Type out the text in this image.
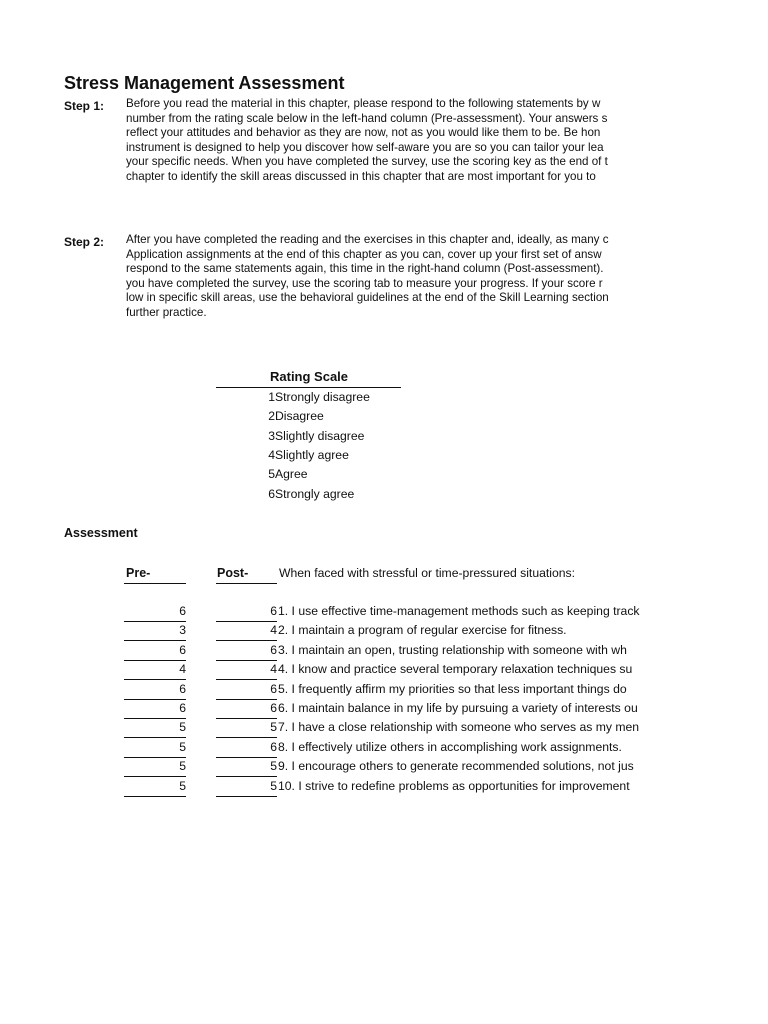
Stress Management Assessment
Step 1: Before you read the material in this chapter, please respond to the following statements by w
number from the rating scale below in the left-hand column (Pre-assessment). Your answers s
reflect your attitudes and behavior as they are now, not as you would like them to be. Be hon
instrument is designed to help you discover how self-aware you are so you can tailor your lea
your specific needs. When you have completed the survey, use the scoring key as the end of t
chapter to identify the skill areas discussed in this chapter that are most important for you to
Step 2: After you have completed the reading and the exercises in this chapter and, ideally, as many c
Application assignments at the end of this chapter as you can, cover up your first set of answ
respond to the same statements again, this time in the right-hand column (Post-assessment).
you have completed the survey, use the scoring tab to measure your progress. If your score r
low in specific skill areas, use the behavioral guidelines at the end of the Skill Learning section
further practice.
Rating Scale
1Strongly disagree
2Disagree
3Slightly disagree
4Slightly agree
5Agree
6Strongly agree
Assessment
Pre-	Post-	When faced with stressful or time-pressured situations:
6	6 1. I use effective time-management methods such as keeping track
3	4 2. I maintain a program of regular exercise for fitness.
6	6 3. I maintain an open, trusting relationship with someone with wh
4	4 4. I know and practice several temporary relaxation techniques su
6	6 5. I frequently affirm my priorities so that less important things do
6	6 6. I maintain balance in my life by pursuing a variety of interests ou
5	5 7. I have a close relationship with someone who serves as my men
5	6 8. I effectively utilize others in accomplishing work assignments.
5	5 9. I encourage others to generate recommended solutions, not jus
5	5 10. I strive to redefine problems as opportunities for improvement
